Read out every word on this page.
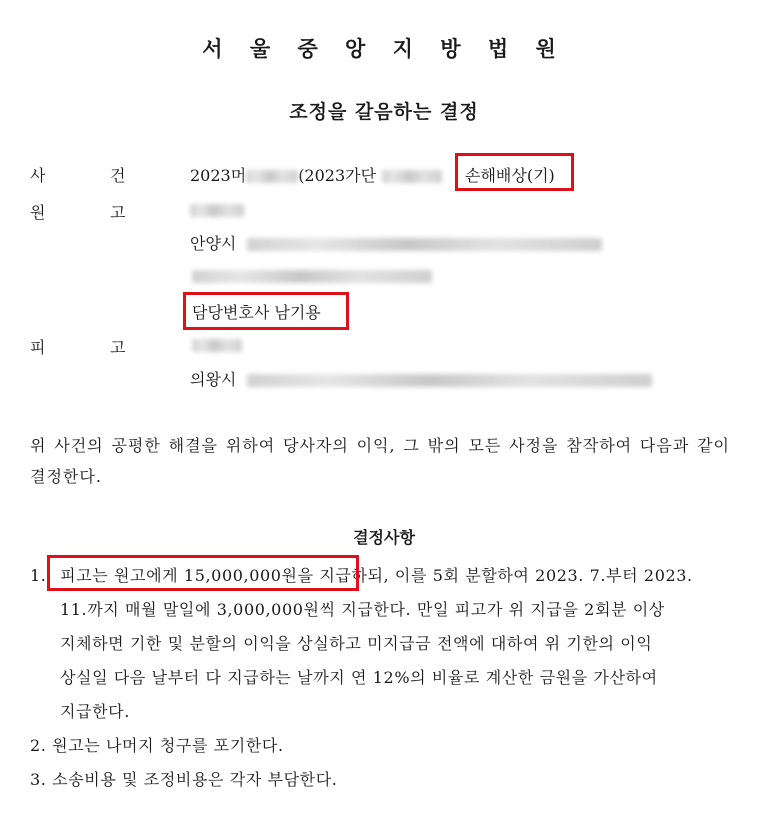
서 울 중 앙 지 방 법 원
조정을 갈음하는 결정
사	건	2023머	(2023가단	손해배상(기)
원	고
안양시
담당변호사 남기용
피	고
의왕시
위 사건의 공평한 해결을 위하여 당사자의 이익, 그 밖의 모든 사정을 참작하여 다음과 같이 결정한다.
결정사항
1. 피고는 원고에게 15,000,000원을 지급하되, 이를 5회 분할하여 2023. 7.부터 2023.
11.까지 매월 말일에 3,000,000원씩 지급한다. 만일 피고가 위 지급을 2회분 이상
지체하면 기한 및 분할의 이익을 상실하고 미지급금 전액에 대하여 위 기한의 이익
상실일 다음 날부터 다 지급하는 날까지 연 12%의 비율로 계산한 금원을 가산하여
지급한다.
2. 원고는 나머지 청구를 포기한다.
3. 소송비용 및 조정비용은 각자 부담한다.
